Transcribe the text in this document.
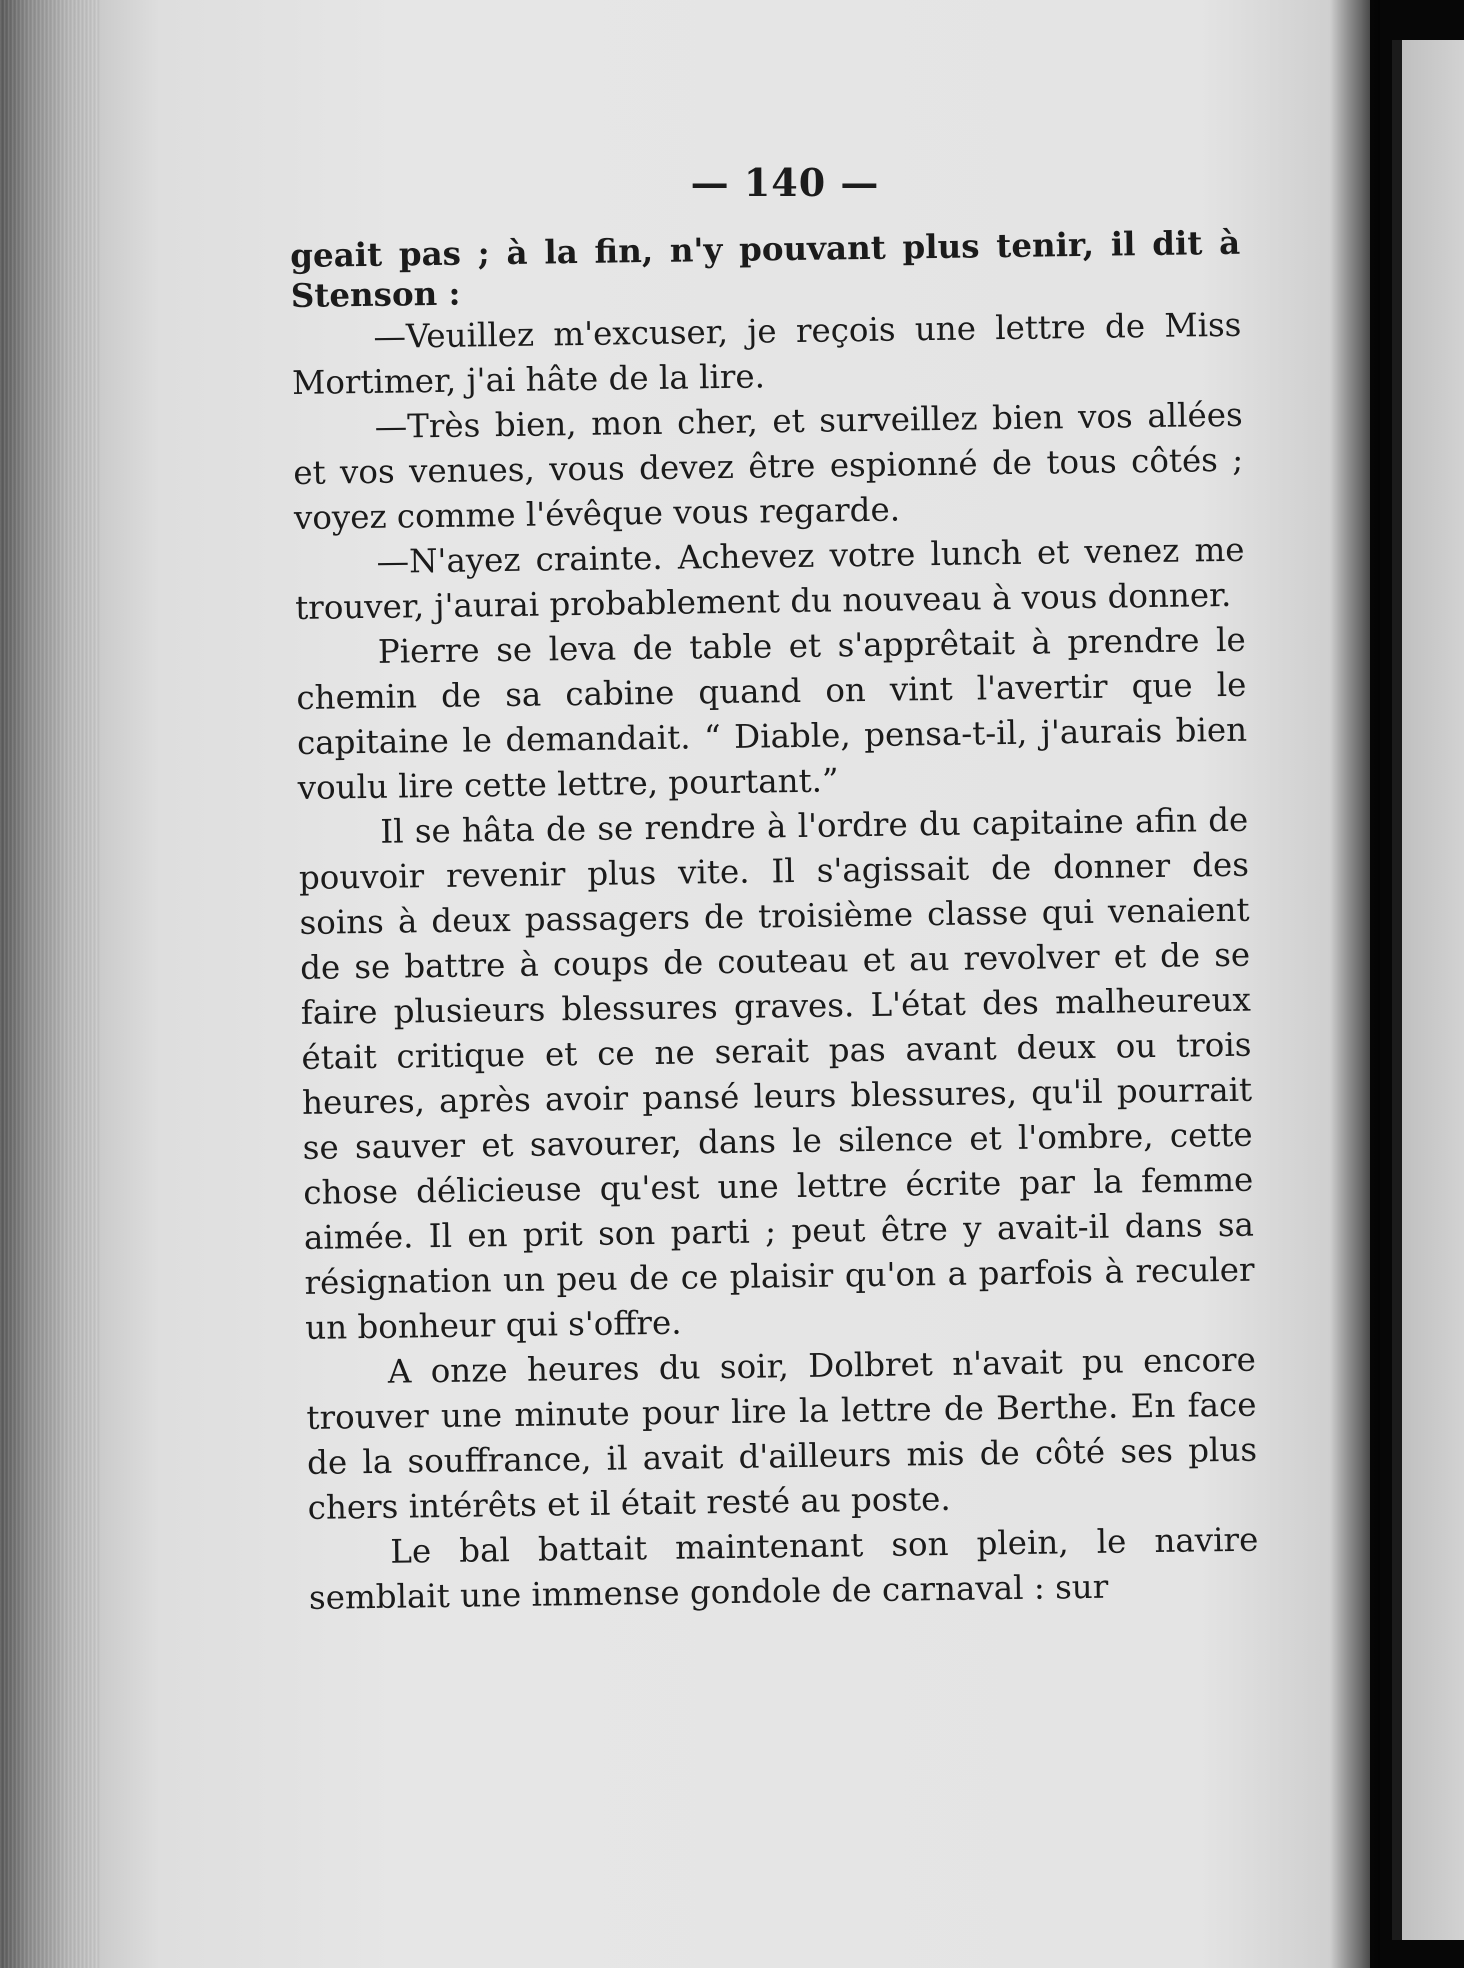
— 140 —

geait pas ; à la fin, n'y pouvant plus tenir, il dit à Stenson :

—Veuillez m'excuser, je reçois une lettre de Miss Mortimer, j'ai hâte de la lire.

—Très bien, mon cher, et surveillez bien vos allées et vos venues, vous devez être espionné de tous côtés ; voyez comme l'évêque vous regarde.

—N'ayez crainte. Achevez votre lunch et venez me trouver, j'aurai probablement du nouveau à vous donner.

Pierre se leva de table et s'apprêtait à prendre le chemin de sa cabine quand on vint l'avertir que le capitaine le demandait. “ Diable, pensa-t-il, j'aurais bien voulu lire cette lettre, pourtant.”

Il se hâta de se rendre à l'ordre du capitaine afin de pouvoir revenir plus vite. Il s'agissait de donner des soins à deux passagers de troisième classe qui venaient de se battre à coups de couteau et au revolver et de se faire plusieurs blessures graves. L'état des malheureux était critique et ce ne serait pas avant deux ou trois heures, après avoir pansé leurs blessures, qu'il pourrait se sauver et savourer, dans le silence et l'ombre, cette chose délicieuse qu'est une lettre écrite par la femme aimée. Il en prit son parti ; peut être y avait-il dans sa résignation un peu de ce plaisir qu'on a parfois à reculer un bonheur qui s'offre.

A onze heures du soir, Dolbret n'avait pu encore trouver une minute pour lire la lettre de Berthe. En face de la souffrance, il avait d'ailleurs mis de côté ses plus chers intérêts et il était resté au poste.

Le bal battait maintenant son plein, le navire semblait une immense gondole de carnaval : sur
